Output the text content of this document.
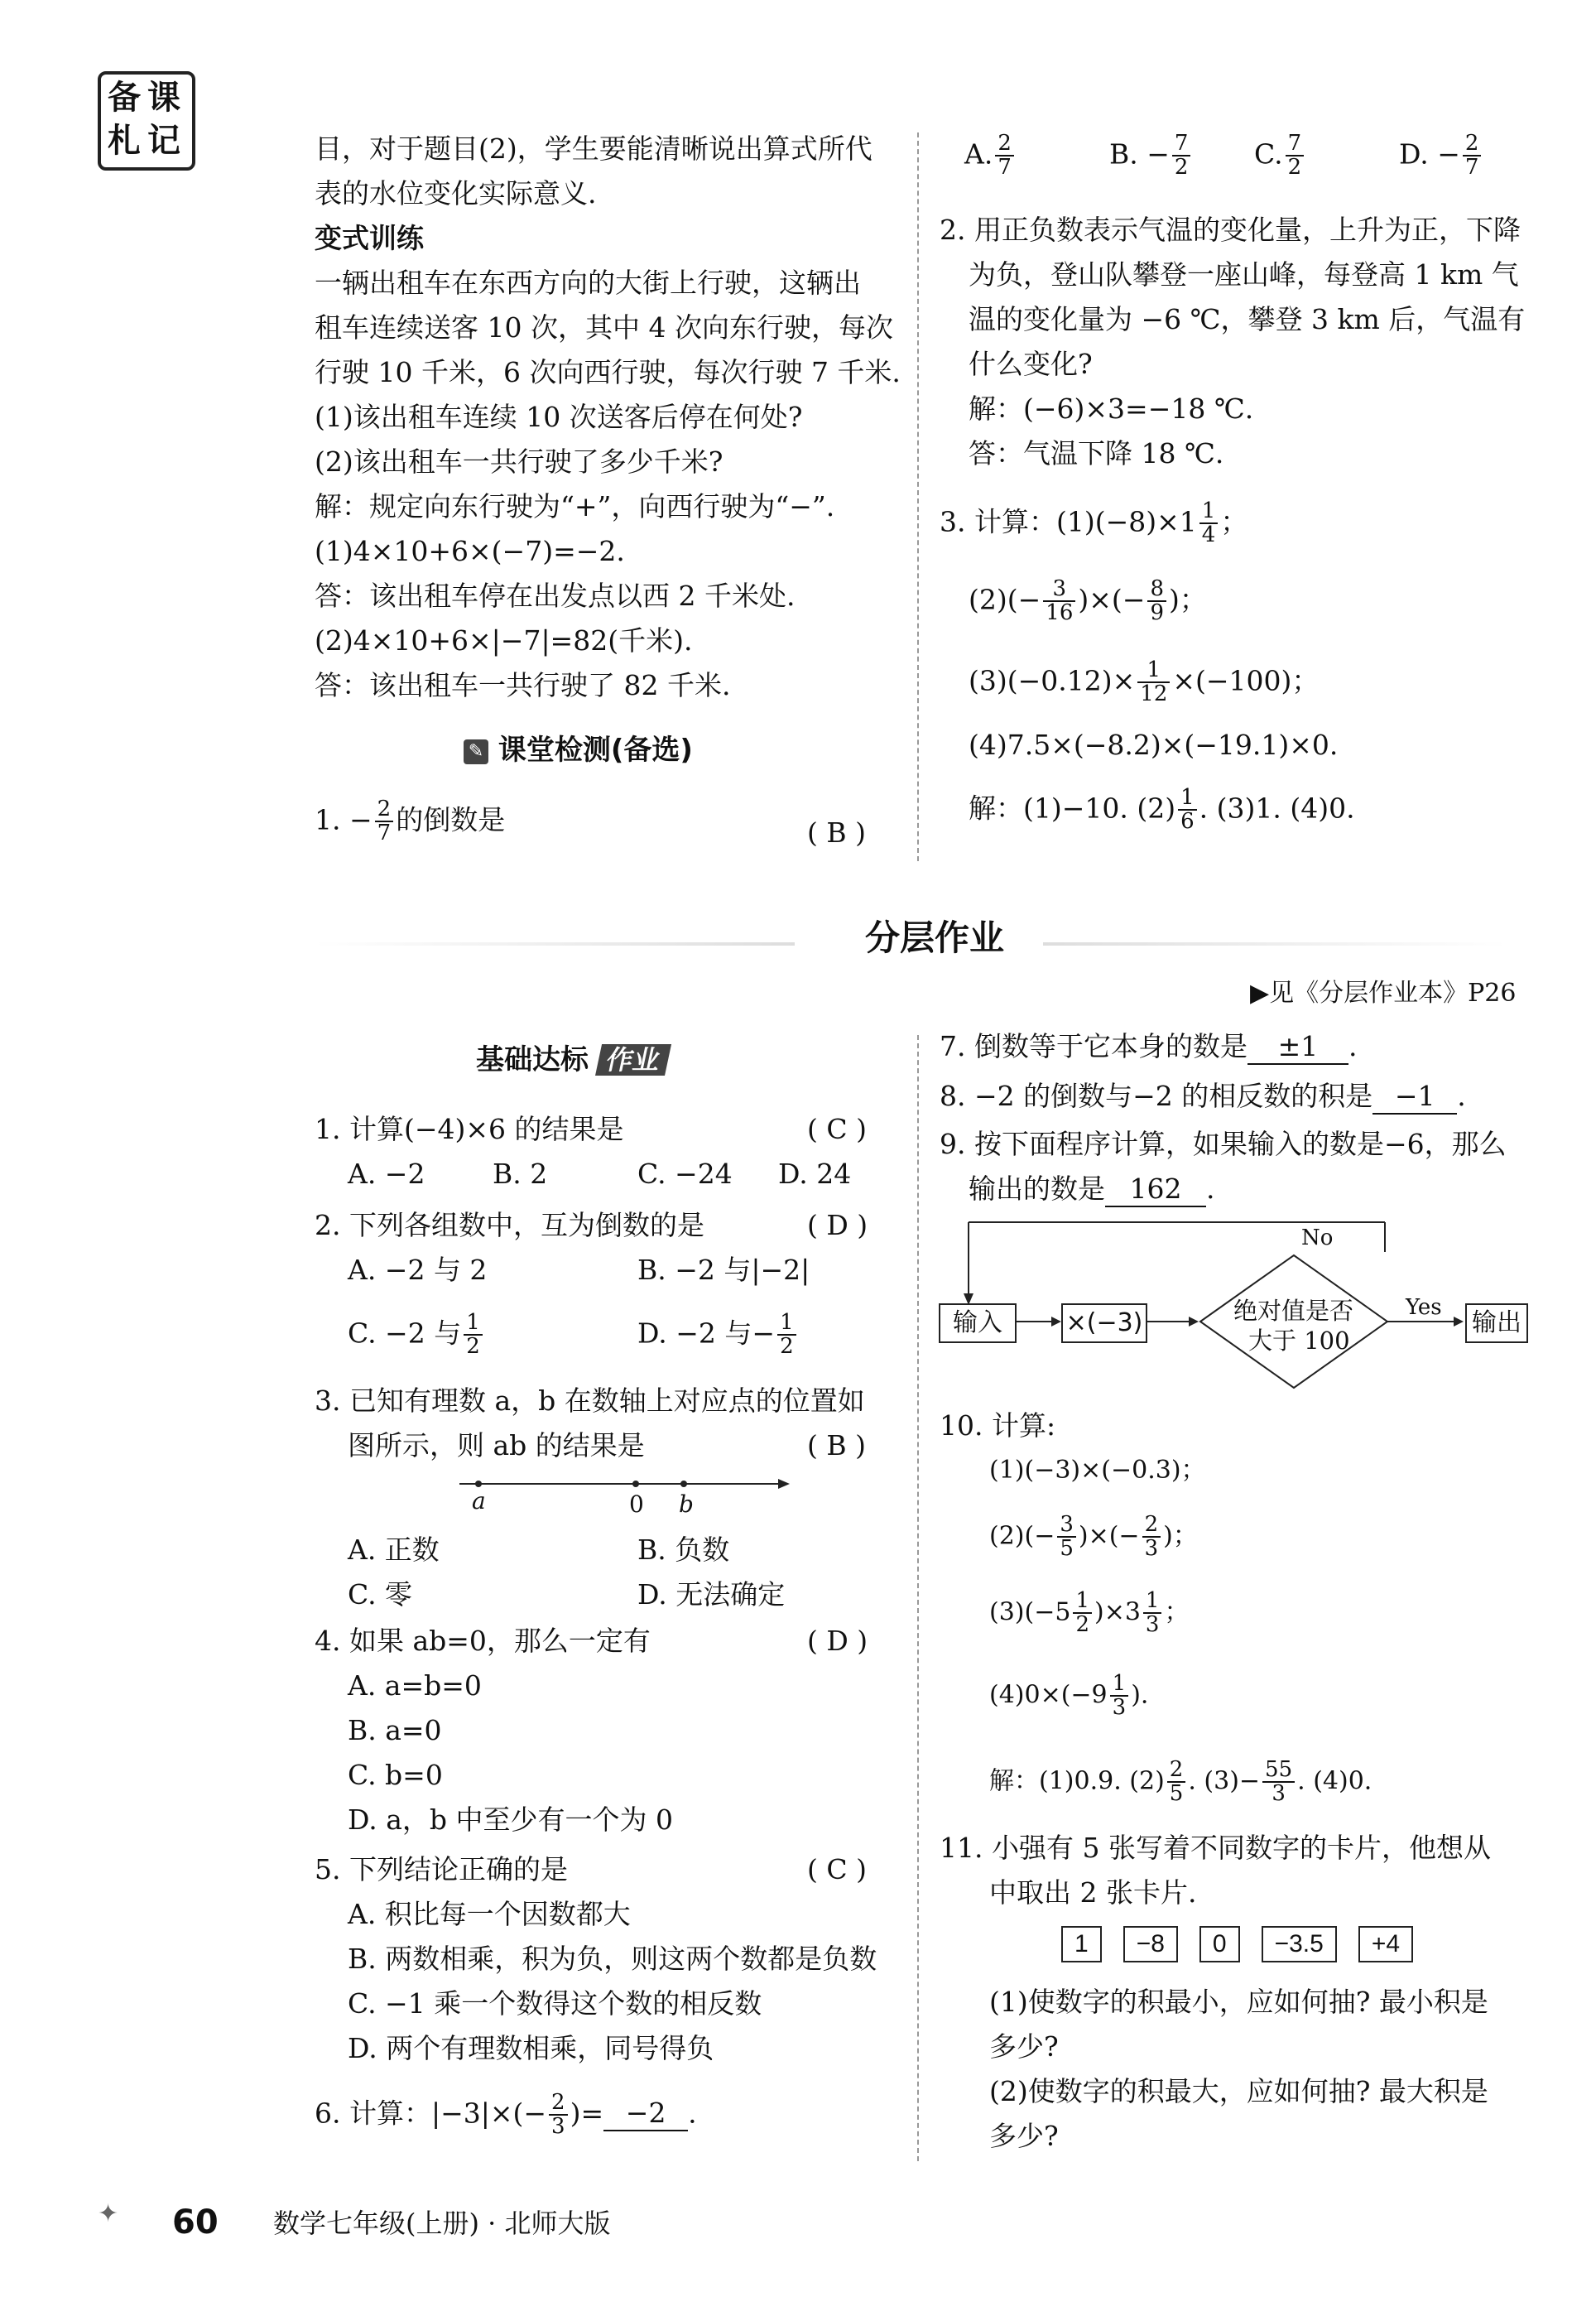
备 课
札 记	目，对于题目(2)，学生要能清晰说出算式所代
表的水位变化实际意义.
变式训练
一辆出租车在东西方向的大街上行驶，这辆出
租车连续送客 10 次，其中 4 次向东行驶，每次
行驶 10 千米，6 次向西行驶，每次行驶 7 千米.
(1)该出租车连续 10 次送客后停在何处?
(2)该出租车一共行驶了多少千米?
解：规定向东行驶为“+”，向西行驶为“−”.
(1)4×10+6×(−7)=−2.
答：该出租车停在出发点以西 2 千米处.
(2)4×10+6×|−7|=82(千米).
答：该出租车一共行驶了 82 千米.
✎ 课堂检测(备选)
1. − $\frac{2}{7}$ 的倒数是	( B )
A. $\frac{2}{7}$	B. − $\frac{7}{2} C$. $\frac{7}{2}$	D. − $\frac{2}{7}$
2. 用正负数表示气温的变化量，上升为正，下降
为负，登山队攀登一座山峰，每登高 1 km 气
温的变化量为 −6 ℃，攀登 3 km 后，气温有
什么变化?
解：(−6)×3=−18 ℃.
答：气温下降 18 ℃.
3. 计算：$(1)(-8)\times 1 \frac{1}{4}$ ；
$(2)(- \frac{3}{16}$ )×(− $\frac{8}{9}$ )；
$(3)(-0.12)\times \frac{1}{12} \times(-100)$；
(4)7.5×(−8.2)×(−19.1)×0.
解：(1)−10. $(2) \frac{1}{6}$ . (3)1. (4)0.
分层作业
▶见《分层作业本》P26
基础达标 作业
1. 计算(−4)×6 的结果是	( C )
A. −2 B. 2	C. −24 D. 24
2. 下列各组数中，互为倒数的是	( D )
A. −2 与 2	B. −2 与|−2|
C. −2 与 $\frac{1}{2}$	D. −2 与− $\frac{1}{2}$
3. 已知有理数 a，b 在数轴上对应点的位置如
图所示，则 ab 的结果是	( B )
a	0 b
A. 正数	B. 负数
C. 零	D. 无法确定
4. 如果 ab=0，那么一定有	( D )
A. a=b=0
B. a=0
C. b=0
D. a，b 中至少有一个为 0
5. 下列结论正确的是	( C )
A. 积比每一个因数都大
B. 两数相乘，积为负，则这两个数都是负数
C. −1 乘一个数得这个数的相反数
D. 两个有理数相乘，同号得负
6. 计算：$|-3|\times(- \frac{2}{3}$ )= −2 .
7. 倒数等于它本身的数是 ±1 .
8. −2 的倒数与−2 的相反数的积是 −1 .
9. 按下面程序计算，如果输入的数是−6，那么
输出的数是 162 .
输入	×(−3)	绝对值是否
大于 100
Yes
No
输出
10. 计算:
(1)(−3)×(−0.3)；
$(2)(- \frac{3}{5}$ )×(− $\frac{2}{3}$ )；
$(3)(-5 \frac{1}{2} )\times 3 \frac{1}{3}$ ；
$(4)0\times(-9 \frac{1}{3}$ ).
解：(1)0.9. $(2) \frac{2}{5}$ . $(3)- \frac{55}{3}$ . (4)0.
11. 小强有 5 张写着不同数字的卡片，他想从
中取出 2 张卡片.
1 −8 0 −3.5 +4
(1)使数字的积最小，应如何抽? 最小积是
多少?
(2)使数字的积最大，应如何抽? 最大积是
多少?
✦ 60 数学七年级(上册) · 北师大版
